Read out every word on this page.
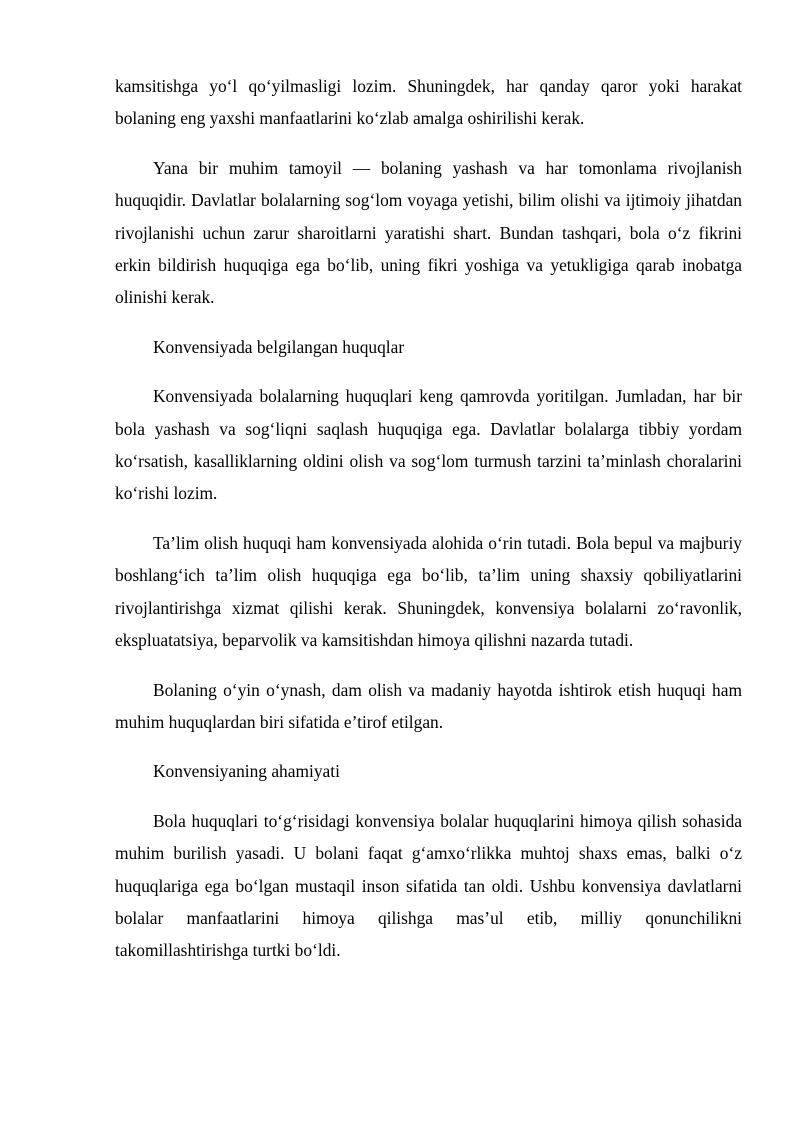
kamsitishga yo‘l qo‘yilmasligi lozim. Shuningdek, har qanday qaror yoki harakat bolaning eng yaxshi manfaatlarini ko‘zlab amalga oshirilishi kerak.

Yana bir muhim tamoyil — bolaning yashash va har tomonlama rivojlanish huquqidir. Davlatlar bolalarning sog‘lom voyaga yetishi, bilim olishi va ijtimoiy jihatdan rivojlanishi uchun zarur sharoitlarni yaratishi shart. Bundan tashqari, bola o‘z fikrini erkin bildirish huquqiga ega bo‘lib, uning fikri yoshiga va yetukligiga qarab inobatga olinishi kerak.

Konvensiyada belgilangan huquqlar

Konvensiyada bolalarning huquqlari keng qamrovda yoritilgan. Jumladan, har bir bola yashash va sog‘liqni saqlash huquqiga ega. Davlatlar bolalarga tibbiy yordam ko‘rsatish, kasalliklarning oldini olish va sog‘lom turmush tarzini ta’minlash choralarini ko‘rishi lozim.

Ta’lim olish huquqi ham konvensiyada alohida o‘rin tutadi. Bola bepul va majburiy boshlang‘ich ta’lim olish huquqiga ega bo‘lib, ta’lim uning shaxsiy qobiliyatlarini rivojlantirishga xizmat qilishi kerak. Shuningdek, konvensiya bolalarni zo‘ravonlik, ekspluatatsiya, beparvolik va kamsitishdan himoya qilishni nazarda tutadi.

Bolaning o‘yin o‘ynash, dam olish va madaniy hayotda ishtirok etish huquqi ham muhim huquqlardan biri sifatida e’tirof etilgan.

Konvensiyaning ahamiyati

Bola huquqlari to‘g‘risidagi konvensiya bolalar huquqlarini himoya qilish sohasida muhim burilish yasadi. U bolani faqat g‘amxo‘rlikka muhtoj shaxs emas, balki o‘z huquqlariga ega bo‘lgan mustaqil inson sifatida tan oldi. Ushbu konvensiya davlatlarni bolalar manfaatlarini himoya qilishga mas’ul etib, milliy qonunchilikni takomillashtirishga turtki bo‘ldi.
